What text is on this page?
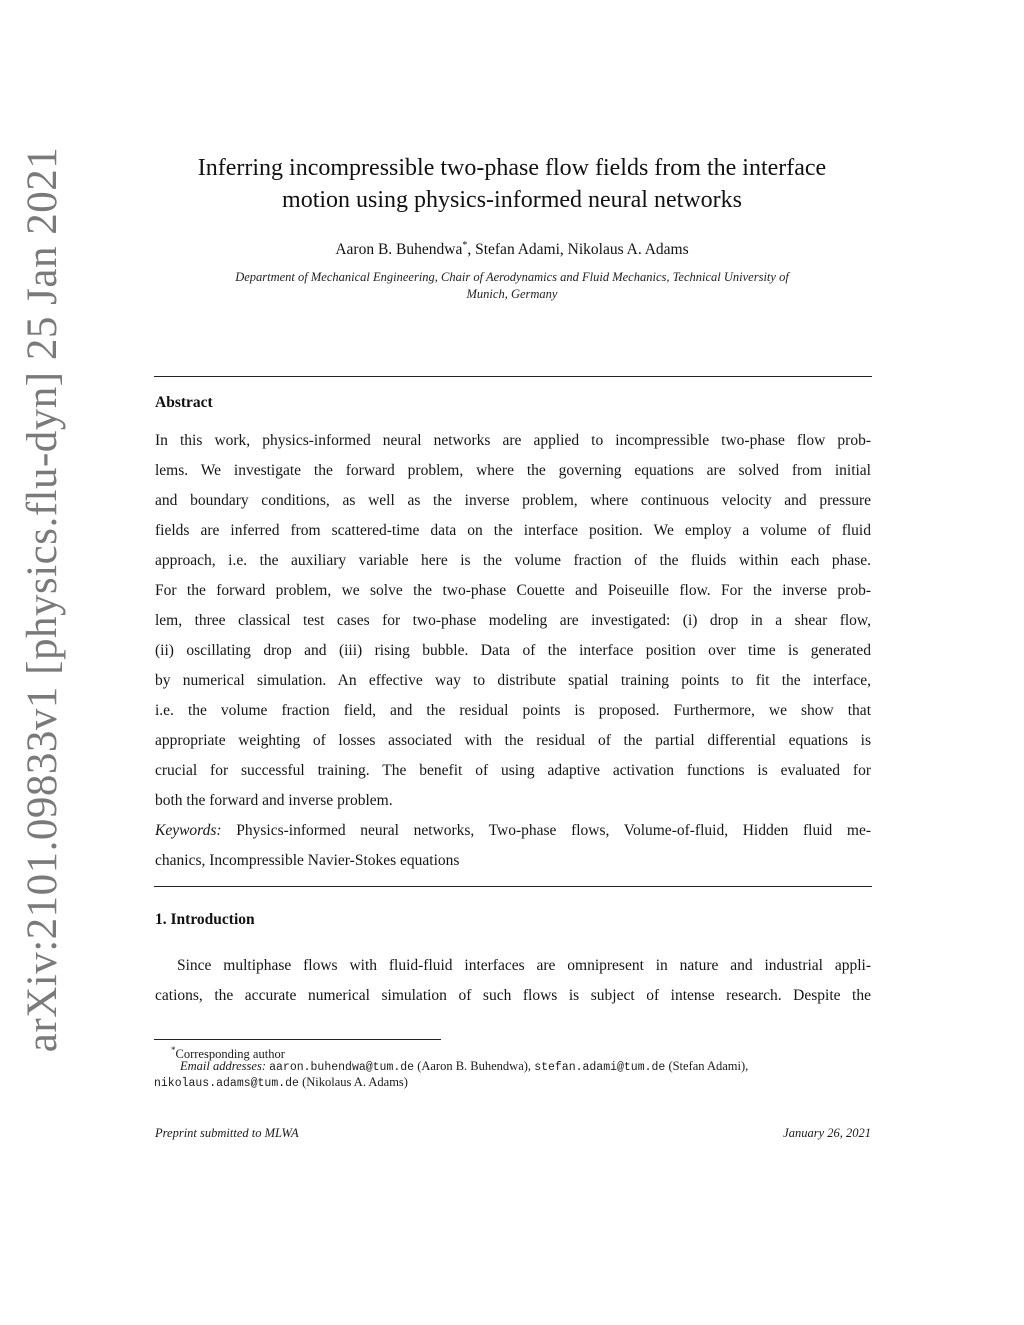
arXiv:2101.09833v1 [physics.flu-dyn] 25 Jan 2021	Inferring incompressible two-phase flow fields from the interface
motion using physics-informed neural networks
Aaron B. Buhendwa*, Stefan Adami, Nikolaus A. Adams
Department of Mechanical Engineering, Chair of Aerodynamics and Fluid Mechanics, Technical University of
Munich, Germany
Abstract
In this work, physics-informed neural networks are applied to incompressible two-phase flow prob-
lems. We investigate the forward problem, where the governing equations are solved from initial
and boundary conditions, as well as the inverse problem, where continuous velocity and pressure
fields are inferred from scattered-time data on the interface position. We employ a volume of fluid
approach, i.e. the auxiliary variable here is the volume fraction of the fluids within each phase.
For the forward problem, we solve the two-phase Couette and Poiseuille flow. For the inverse prob-
lem, three classical test cases for two-phase modeling are investigated: (i) drop in a shear flow,
(ii) oscillating drop and (iii) rising bubble. Data of the interface position over time is generated
by numerical simulation. An effective way to distribute spatial training points to fit the interface,
i.e. the volume fraction field, and the residual points is proposed. Furthermore, we show that
appropriate weighting of losses associated with the residual of the partial differential equations is
crucial for successful training. The benefit of using adaptive activation functions is evaluated for
both the forward and inverse problem.
Keywords: Physics-informed neural networks, Two-phase flows, Volume-of-fluid, Hidden fluid me-
chanics, Incompressible Navier-Stokes equations
1. Introduction
Since multiphase flows with fluid-fluid interfaces are omnipresent in nature and industrial appli-
cations, the accurate numerical simulation of such flows is subject of intense research. Despite the
*Corresponding author
Email addresses: aaron.buhendwa@tum.de (Aaron B. Buhendwa), stefan.adami@tum.de (Stefan Adami),
nikolaus.adams@tum.de (Nikolaus A. Adams)
Preprint submitted to MLWA	January 26, 2021
